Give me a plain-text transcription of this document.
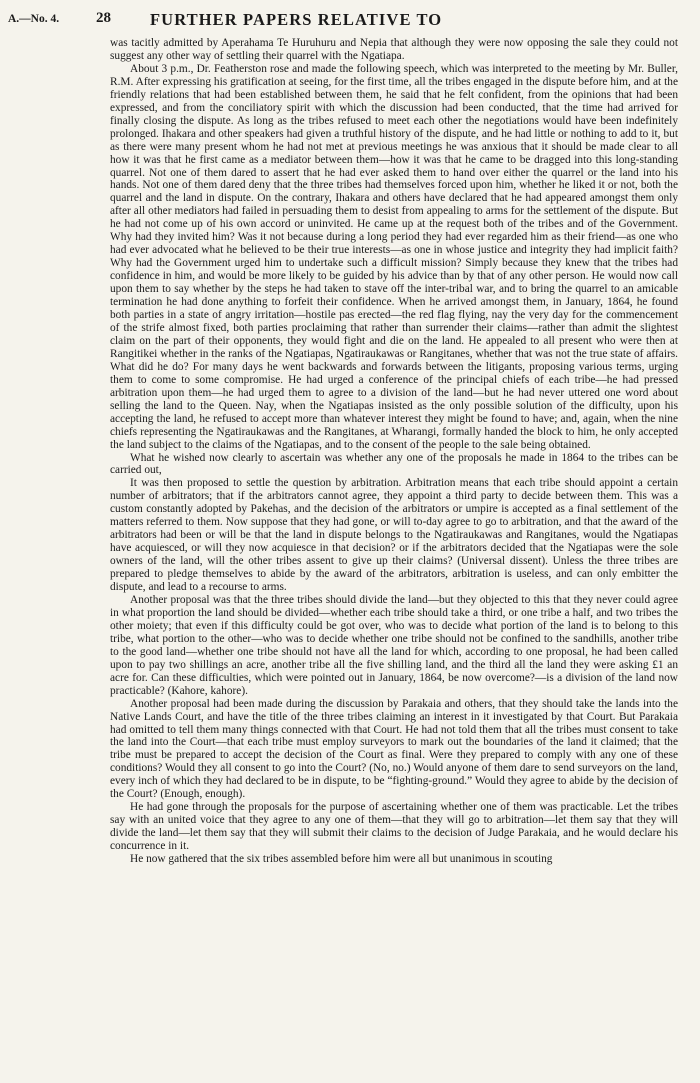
A.—No. 4. 28 FURTHER PAPERS RELATIVE TO

was tacitly admitted by Aperahama Te Huruhuru and Nepia that although they were now opposing the sale they could not suggest any other way of settling their quarrel with the Ngatiapa.

About 3 p.m., Dr. Featherston rose and made the following speech, which was interpreted to the meeting by Mr. Buller, R.M. After expressing his gratification at seeing, for the first time, all the tribes engaged in the dispute before him, and at the friendly relations that had been established between them, he said that he felt confident, from the opinions that had been expressed, and from the conciliatory spirit with which the discussion had been conducted, that the time had arrived for finally closing the dispute. As long as the tribes refused to meet each other the negotiations would have been indefinitely prolonged. Ihakara and other speakers had given a truthful history of the dispute, and he had little or nothing to add to it, but as there were many present whom he had not met at previous meetings he was anxious that it should be made clear to all how it was that he first came as a mediator between them—how it was that he came to be dragged into this long-standing quarrel. Not one of them dared to assert that he had ever asked them to hand over either the quarrel or the land into his hands. Not one of them dared deny that the three tribes had themselves forced upon him, whether he liked it or not, both the quarrel and the land in dispute. On the contrary, Ihakara and others have declared that he had appeared amongst them only after all other mediators had failed in persuading them to desist from appealing to arms for the settlement of the dispute. But he had not come up of his own accord or uninvited. He came up at the request both of the tribes and of the Government. Why had they invited him? Was it not because during a long period they had ever regarded him as their friend—as one who had ever advocated what he believed to be their true interests—as one in whose justice and integrity they had implicit faith? Why had the Government urged him to undertake such a difficult mission? Simply because they knew that the tribes had confidence in him, and would be more likely to be guided by his advice than by that of any other person. He would now call upon them to say whether by the steps he had taken to stave off the inter-tribal war, and to bring the quarrel to an amicable termination he had done anything to forfeit their confidence. When he arrived amongst them, in January, 1864, he found both parties in a state of angry irritation—hostile pas erected—the red flag flying, nay the very day for the commencement of the strife almost fixed, both parties proclaiming that rather than surrender their claims—rather than admit the slightest claim on the part of their opponents, they would fight and die on the land. He appealed to all present who were then at Rangitikei whether in the ranks of the Ngatiapas, Ngatiraukawas or Rangitanes, whether that was not the true state of affairs. What did he do? For many days he went backwards and forwards between the litigants, proposing various terms, urging them to come to some compromise. He had urged a conference of the principal chiefs of each tribe—he had pressed arbitration upon them—he had urged them to agree to a division of the land—but he had never uttered one word about selling the land to the Queen. Nay, when the Ngatiapas insisted as the only possible solution of the difficulty, upon his accepting the land, he refused to accept more than whatever interest they might be found to have; and, again, when the nine chiefs representing the Ngatiraukawas and the Rangitanes, at Wharangi, formally handed the block to him, he only accepted the land subject to the claims of the Ngatiapas, and to the consent of the people to the sale being obtained.

What he wished now clearly to ascertain was whether any one of the proposals he made in 1864 to the tribes can be carried out,

It was then proposed to settle the question by arbitration. Arbitration means that each tribe should appoint a certain number of arbitrators; that if the arbitrators cannot agree, they appoint a third party to decide between them. This was a custom constantly adopted by Pakehas, and the decision of the arbitrators or umpire is accepted as a final settlement of the matters referred to them. Now suppose that they had gone, or will to-day agree to go to arbitration, and that the award of the arbitrators had been or will be that the land in dispute belongs to the Ngatiraukawas and Rangitanes, would the Ngatiapas have acquiesced, or will they now acquiesce in that decision? or if the arbitrators decided that the Ngatiapas were the sole owners of the land, will the other tribes assent to give up their claims? (Universal dissent). Unless the three tribes are prepared to pledge themselves to abide by the award of the arbitrators, arbitration is useless, and can only embitter the dispute, and lead to a recourse to arms.

Another proposal was that the three tribes should divide the land—but they objected to this that they never could agree in what proportion the land should be divided—whether each tribe should take a third, or one tribe a half, and two tribes the other moiety; that even if this difficulty could be got over, who was to decide what portion of the land is to belong to this tribe, what portion to the other—who was to decide whether one tribe should not be confined to the sandhills, another tribe to the good land—whether one tribe should not have all the land for which, according to one proposal, he had been called upon to pay two shillings an acre, another tribe all the five shilling land, and the third all the land they were asking £1 an acre for. Can these difficulties, which were pointed out in January, 1864, be now overcome?—is a division of the land now practicable? (Kahore, kahore).

Another proposal had been made during the discussion by Parakaia and others, that they should take the lands into the Native Lands Court, and have the title of the three tribes claiming an interest in it investigated by that Court. But Parakaia had omitted to tell them many things connected with that Court. He had not told them that all the tribes must consent to take the land into the Court—that each tribe must employ surveyors to mark out the boundaries of the land it claimed; that the tribe must be prepared to accept the decision of the Court as final. Were they prepared to comply with any one of these conditions? Would they all consent to go into the Court? (No, no.) Would anyone of them dare to send surveyors on the land, every inch of which they had declared to be in dispute, to be “fighting-ground.” Would they agree to abide by the decision of the Court? (Enough, enough).

He had gone through the proposals for the purpose of ascertaining whether one of them was practicable. Let the tribes say with an united voice that they agree to any one of them—that they will go to arbitration—let them say that they will divide the land—let them say that they will submit their claims to the decision of Judge Parakaia, and he would declare his concurrence in it.

He now gathered that the six tribes assembled before him were all but unanimous in scouting
